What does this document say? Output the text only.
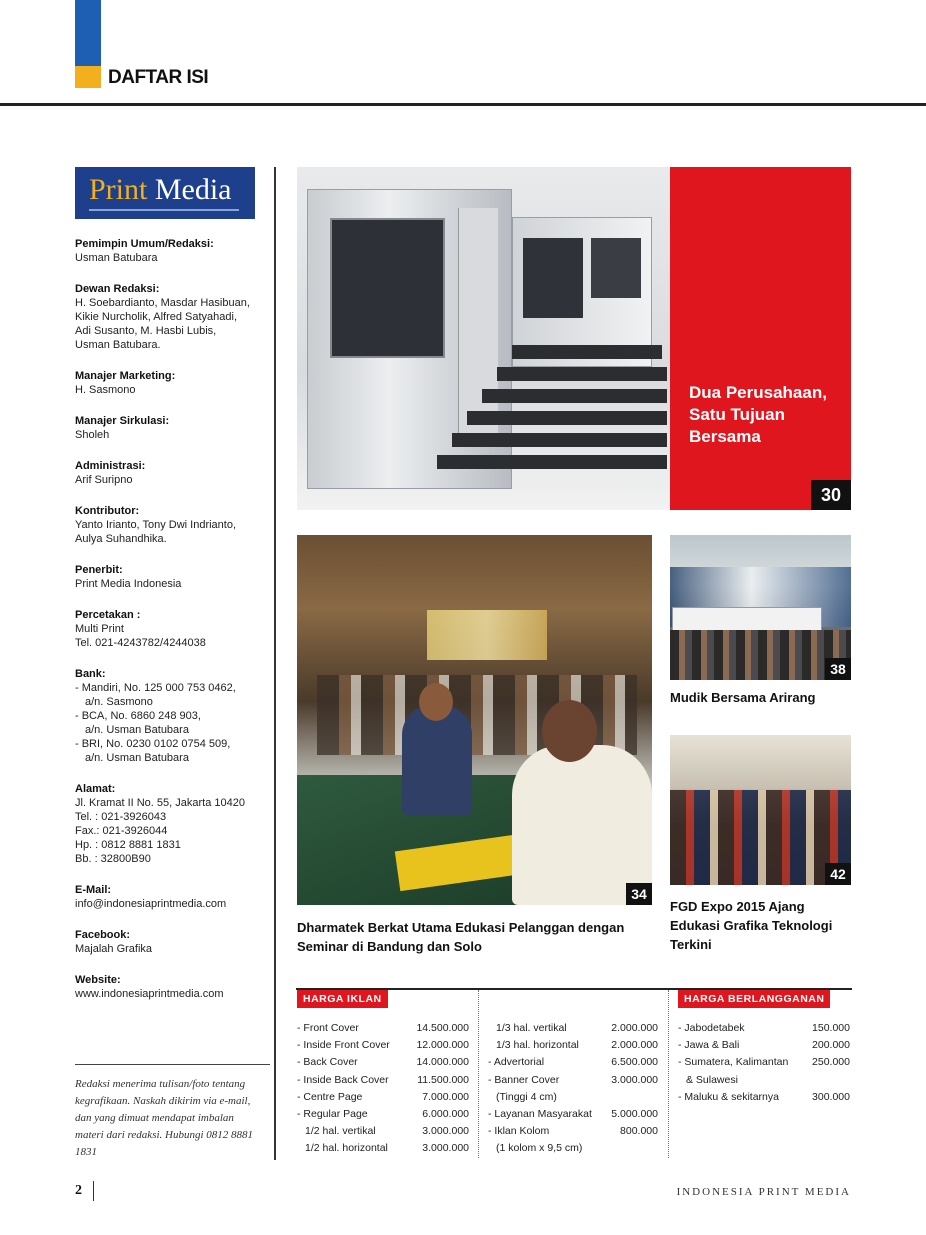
DAFTAR ISI
Print Media
Pemimpin Umum/Redaksi:
Usman Batubara
Dewan Redaksi:
H. Soebardianto, Masdar Hasibuan,
Kikie Nurcholik, Alfred Satyahadi,
Adi Susanto, M. Hasbi Lubis,
Usman Batubara.
Manajer Marketing:
H. Sasmono
Manajer Sirkulasi:
Sholeh
Administrasi:
Arif Suripno
Kontributor:
Yanto Irianto, Tony Dwi Indrianto,
Aulya Suhandhika.
Penerbit:
Print Media Indonesia
Percetakan :
Multi Print
Tel. 021-4243782/4244038
Bank:
- Mandiri, No. 125 000 753 0462,
a/n. Sasmono
- BCA, No. 6860 248 903,
a/n. Usman Batubara
- BRI, No. 0230 0102 0754 509,
a/n. Usman Batubara
Alamat:
Jl. Kramat II No. 55, Jakarta 10420
Tel. : 021-3926043
Fax.: 021-3926044
Hp. : 0812 8881 1831
Bb. : 32800B90
E-Mail:
info@indonesiaprintmedia.com
Facebook:
Majalah Grafika
Website:
www.indonesiaprintmedia.com
Redaksi menerima tulisan/foto tentang kegrafikaan. Naskah dikirim via e-mail, dan yang dimuat mendapat imbalan materi dari redaksi. Hubungi 0812 8881 1831
Dua Perusahaan, Satu Tujuan Bersama
30
34
Dharmatek Berkat Utama Edukasi Pelanggan dengan Seminar di Bandung dan Solo
38
Mudik Bersama Arirang
42
FGD Expo 2015 Ajang Edukasi Grafika Teknologi Terkini
HARGA IKLAN
- Front Cover	14.500.000
- Inside Front Cover	12.000.000
- Back Cover	14.000.000
- Inside Back Cover	11.500.000
- Centre Page	7.000.000
- Regular Page	6.000.000
1/2 hal. vertikal	3.000.000
1/2 hal. horizontal	3.000.000
1/3 hal. vertikal	2.000.000
1/3 hal. horizontal	2.000.000
- Advertorial	6.500.000
- Banner Cover	3.000.000
(Tinggi 4 cm)
- Layanan Masyarakat 5.000.000
- Iklan Kolom	800.000
(1 kolom x 9,5 cm)
HARGA BERLANGGANAN
- Jabodetabek	150.000
- Jawa & Bali	200.000
- Sumatera, Kalimantan 250.000
& Sulawesi
- Maluku & sekitarnya	300.000
2	INDONESIA PRINT MEDIA
